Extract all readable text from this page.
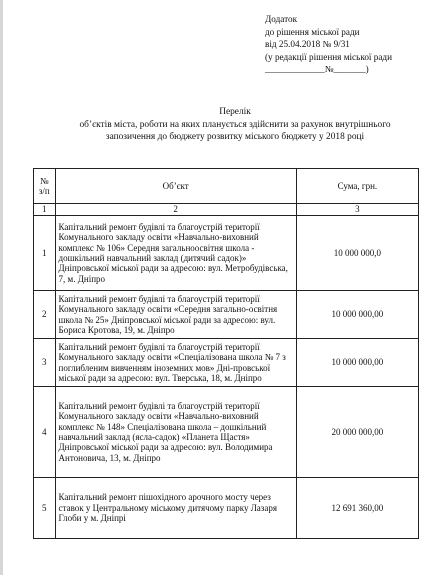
Додаток
до рішення міської ради
від 25.04.2018 № 9/31
(у редакції рішення міської ради
_____________№_______)
Перелік
об’єктів міста, роботи на яких планується здійснити за рахунок внутрішнього
запозичення до бюджету розвитку міського бюджету у 2018 році
№
з/п	Об’єкт	Сума, грн.
1	2	3
1	Капітальний ремонт будівлі та благоустрій території Комунального закладу освіти «Навчально-виховний комплекс № 106» Середня загальноосвітня школа - дошкільний навчальний заклад (дитячий садок)» Дніпровської міської ради за адресою: вул. Метробудівська, 7, м. Дніпро	10 000 000,0
2	Капітальний ремонт будівлі та благоустрій території Комунального закладу освіти «Середня загально-освітня школа № 25» Дніпровської міської ради за адресою: вул. Бориса Кротова, 19, м. Дніпро	10 000 000,00
3	Капітальний ремонт будівлі та благоустрій території Комунального закладу освіти «Спеціалізована школа № 7 з поглибленим вивченням іноземних мов» Дні-провської міської ради за адресою: вул. Тверська, 18, м. Дніпро	10 000 000,00
4	Капітальний ремонт будівлі та благоустрій території Комунального закладу освіти «Навчально-виховний комплекс № 148» Спеціалізована школа – дошкільний навчальний заклад (ясла-садок) «Планета Щастя» Дніпровської міської ради за адресою: вул. Володимира Антоновича, 13, м. Дніпро	20 000 000,00
5	Капітальний ремонт пішохідного арочного мосту через ставок у Центральному міському дитячому парку Лазаря Глоби у м. Дніпрі	12 691 360,00
